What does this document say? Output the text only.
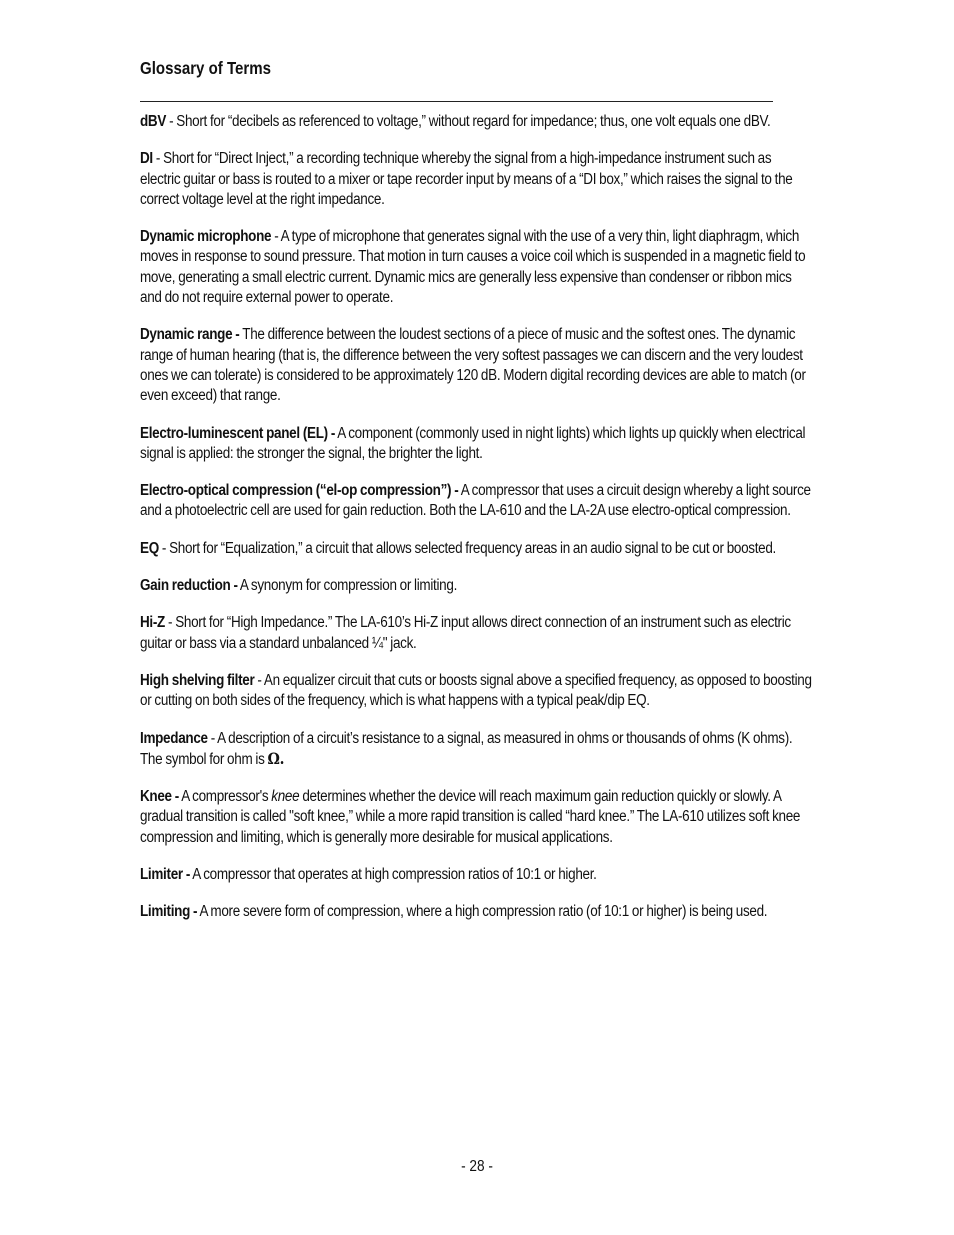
Glossary of Terms

dBV - Short for “decibels as referenced to voltage,” without regard for impedance; thus, one volt equals one dBV.

DI - Short for “Direct Inject,” a recording technique whereby the signal from a high-impedance instrument such as electric guitar or bass is routed to a mixer or tape recorder input by means of a “DI box,” which raises the signal to the correct voltage level at the right impedance.

Dynamic microphone - A type of microphone that generates signal with the use of a very thin, light diaphragm, which moves in response to sound pressure. That motion in turn causes a voice coil which is suspended in a magnetic field to move, generating a small electric current. Dynamic mics are generally less expensive than condenser or ribbon mics and do not require external power to operate.

Dynamic range - The difference between the loudest sections of a piece of music and the softest ones. The dynamic range of human hearing (that is, the difference between the very softest passages we can discern and the very loudest ones we can tolerate) is considered to be approximately 120 dB. Modern digital recording devices are able to match (or even exceed) that range.

Electro-luminescent panel (EL) - A component (commonly used in night lights) which lights up quickly when electrical signal is applied: the stronger the signal, the brighter the light.

Electro-optical compression (“el-op compression”) - A compressor that uses a circuit design whereby a light source and a photoelectric cell are used for gain reduction. Both the LA-610 and the LA-2A use electro-optical compression.

EQ - Short for “Equalization,” a circuit that allows selected frequency areas in an audio signal to be cut or boosted.

Gain reduction - A synonym for compression or limiting.

Hi-Z - Short for “High Impedance.” The LA-610’s Hi-Z input allows direct connection of an instrument such as electric guitar or bass via a standard unbalanced ¼" jack.

High shelving filter - An equalizer circuit that cuts or boosts signal above a specified frequency, as opposed to boosting or cutting on both sides of the frequency, which is what happens with a typical peak/dip EQ.

Impedance - A description of a circuit’s resistance to a signal, as measured in ohms or thousands of ohms (K ohms). The symbol for ohm is Ω.

Knee - A compressor's knee determines whether the device will reach maximum gain reduction quickly or slowly. A gradual transition is called "soft knee,” while a more rapid transition is called “hard knee.” The LA-610 utilizes soft knee compression and limiting, which is generally more desirable for musical applications.

Limiter - A compressor that operates at high compression ratios of 10:1 or higher.

Limiting - A more severe form of compression, where a high compression ratio (of 10:1 or higher) is being used.

- 28 -
